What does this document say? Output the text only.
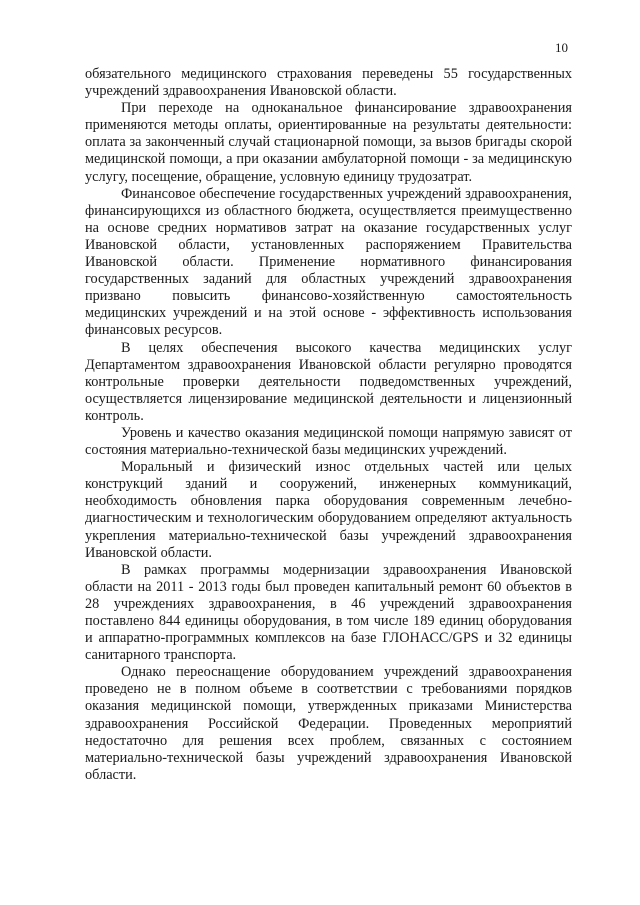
10

обязательного медицинского страхования переведены 55 государственных учреждений здравоохранения Ивановской области.

При переходе на одноканальное финансирование здравоохранения применяются методы оплаты, ориентированные на результаты деятельности: оплата за законченный случай стационарной помощи, за вызов бригады скорой медицинской помощи, а при оказании амбулаторной помощи - за медицинскую услугу, посещение, обращение, условную единицу трудозатрат.

Финансовое обеспечение государственных учреждений здравоохранения, финансирующихся из областного бюджета, осуществляется преимущественно на основе средних нормативов затрат на оказание государственных услуг Ивановской области, установленных распоряжением Правительства Ивановской области. Применение нормативного финансирования государственных заданий для областных учреждений здравоохранения призвано повысить финансово-хозяйственную самостоятельность медицинских учреждений и на этой основе - эффективность использования финансовых ресурсов.

В целях обеспечения высокого качества медицинских услуг Департаментом здравоохранения Ивановской области регулярно проводятся контрольные проверки деятельности подведомственных учреждений, осуществляется лицензирование медицинской деятельности и лицензионный контроль.

Уровень и качество оказания медицинской помощи напрямую зависят от состояния материально-технической базы медицинских учреждений.

Моральный и физический износ отдельных частей или целых конструкций зданий и сооружений, инженерных коммуникаций, необходимость обновления парка оборудования современным лечебно-диагностическим и технологическим оборудованием определяют актуальность укрепления материально-технической базы учреждений здравоохранения Ивановской области.

В рамках программы модернизации здравоохранения Ивановской области на 2011 - 2013 годы был проведен капитальный ремонт 60 объектов в 28 учреждениях здравоохранения, в 46 учреждений здравоохранения поставлено 844 единицы оборудования, в том числе 189 единиц оборудования и аппаратно-программных комплексов на базе ГЛОНАСС/GPS и 32 единицы санитарного транспорта.

Однако переоснащение оборудованием учреждений здравоохранения проведено не в полном объеме в соответствии с требованиями порядков оказания медицинской помощи, утвержденных приказами Министерства здравоохранения Российской Федерации. Проведенных мероприятий недостаточно для решения всех проблем, связанных с состоянием материально-технической базы учреждений здравоохранения Ивановской области.
